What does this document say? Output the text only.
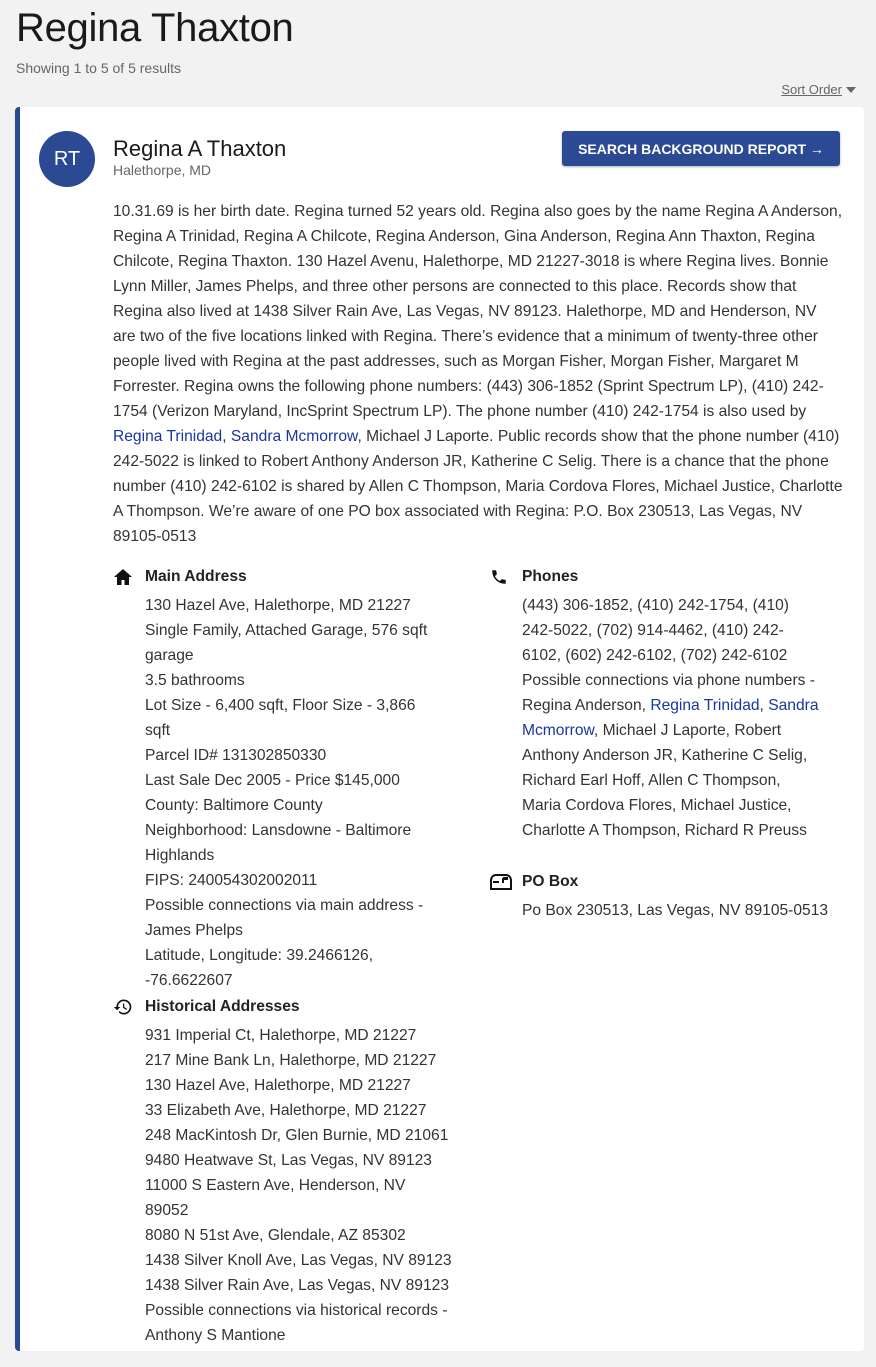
Regina Thaxton
Showing 1 to 5 of 5 results
Sort Order
RT	Regina A Thaxton
Halethorpe, MD
SEARCH BACKGROUND REPORT →
10.31.69 is her birth date. Regina turned 52 years old. Regina also goes by the name Regina A Anderson, Regina A Trinidad, Regina A Chilcote, Regina Anderson, Gina Anderson, Regina Ann Thaxton, Regina Chilcote, Regina Thaxton. 130 Hazel Avenu, Halethorpe, MD 21227-3018 is where Regina lives. Bonnie Lynn Miller, James Phelps, and three other persons are connected to this place. Records show that Regina also lived at 1438 Silver Rain Ave, Las Vegas, NV 89123. Halethorpe, MD and Henderson, NV are two of the five locations linked with Regina. There’s evidence that a minimum of twenty-three other people lived with Regina at the past addresses, such as Morgan Fisher, Morgan Fisher, Margaret M Forrester. Regina owns the following phone numbers: (443) 306-1852 (Sprint Spectrum LP), (410) 242-1754 (Verizon Maryland, IncSprint Spectrum LP). The phone number (410) 242-1754 is also used by Regina Trinidad, Sandra Mcmorrow, Michael J Laporte. Public records show that the phone number (410) 242-5022 is linked to Robert Anthony Anderson JR, Katherine C Selig. There is a chance that the phone number (410) 242-6102 is shared by Allen C Thompson, Maria Cordova Flores, Michael Justice, Charlotte A Thompson. We’re aware of one PO box associated with Regina: P.O. Box 230513, Las Vegas, NV 89105-0513
Main Address
130 Hazel Ave, Halethorpe, MD 21227
Single Family, Attached Garage, 576 sqft garage
3.5 bathrooms
Lot Size - 6,400 sqft, Floor Size - 3,866 sqft
Parcel ID# 131302850330
Last Sale Dec 2005 - Price $145,000
County: Baltimore County
Neighborhood: Lansdowne - Baltimore Highlands
FIPS: 240054302002011
Possible connections via main address - James Phelps
Latitude, Longitude: 39.2466126, -76.6622607
Phones
(443) 306-1852, (410) 242-1754, (410) 242-5022, (702) 914-4462, (410) 242-6102, (602) 242-6102, (702) 242-6102
Possible connections via phone numbers - Regina Anderson, Regina Trinidad, Sandra Mcmorrow, Michael J Laporte, Robert Anthony Anderson JR, Katherine C Selig, Richard Earl Hoff, Allen C Thompson, Maria Cordova Flores, Michael Justice, Charlotte A Thompson, Richard R Preuss
PO Box
Po Box 230513, Las Vegas, NV 89105-0513
Historical Addresses
931 Imperial Ct, Halethorpe, MD 21227
217 Mine Bank Ln, Halethorpe, MD 21227
130 Hazel Ave, Halethorpe, MD 21227
33 Elizabeth Ave, Halethorpe, MD 21227
248 MacKintosh Dr, Glen Burnie, MD 21061
9480 Heatwave St, Las Vegas, NV 89123
11000 S Eastern Ave, Henderson, NV 89052
8080 N 51st Ave, Glendale, AZ 85302
1438 Silver Knoll Ave, Las Vegas, NV 89123
1438 Silver Rain Ave, Las Vegas, NV 89123
Possible connections via historical records - Anthony S Mantione
